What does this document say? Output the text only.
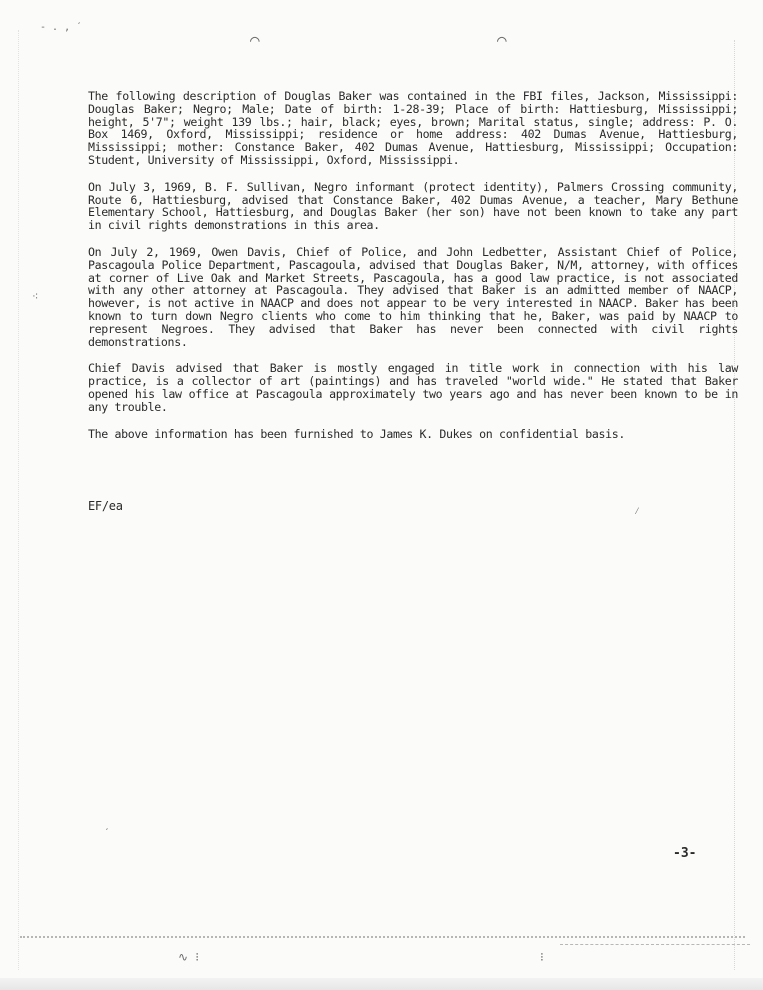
- . , ˊ
⌒	⌒
⁖
ˊ
⁄
∿ ⁝	⁝

The following description of Douglas Baker was contained in the FBI files, Jackson, Mississippi: Douglas Baker; Negro; Male; Date of birth: 1-28-39; Place of birth: Hattiesburg, Mississippi; height, 5'7"; weight 139 lbs.; hair, black; eyes, brown; Marital status, single; address: P. O. Box 1469, Oxford, Mississippi; residence or home address: 402 Dumas Avenue, Hattiesburg, Mississippi; mother: Constance Baker, 402 Dumas Avenue, Hattiesburg, Mississippi; Occupation: Student, University of Mississippi, Oxford, Mississippi.

On July 3, 1969, B. F. Sullivan, Negro informant (protect identity), Palmers Crossing community, Route 6, Hattiesburg, advised that Constance Baker, 402 Dumas Avenue, a teacher, Mary Bethune Elementary School, Hattiesburg, and Douglas Baker (her son) have not been known to take any part in civil rights demonstrations in this area.

On July 2, 1969, Owen Davis, Chief of Police, and John Ledbetter, Assistant Chief of Police, Pascagoula Police Department, Pascagoula, advised that Douglas Baker, N/M, attorney, with offices at corner of Live Oak and Market Streets, Pascagoula, has a good law practice, is not associated with any other attorney at Pascagoula. They advised that Baker is an admitted member of NAACP, however, is not active in NAACP and does not appear to be very interested in NAACP. Baker has been known to turn down Negro clients who come to him thinking that he, Baker, was paid by NAACP to represent Negroes. They advised that Baker has never been connected with civil rights demonstrations.

Chief Davis advised that Baker is mostly engaged in title work in connection with his law practice, is a collector of art (paintings) and has traveled "world wide." He stated that Baker opened his law office at Pascagoula approximately two years ago and has never been known to be in any trouble.

The above information has been furnished to James K. Dukes on confidential basis.

EF/ea
-3-
